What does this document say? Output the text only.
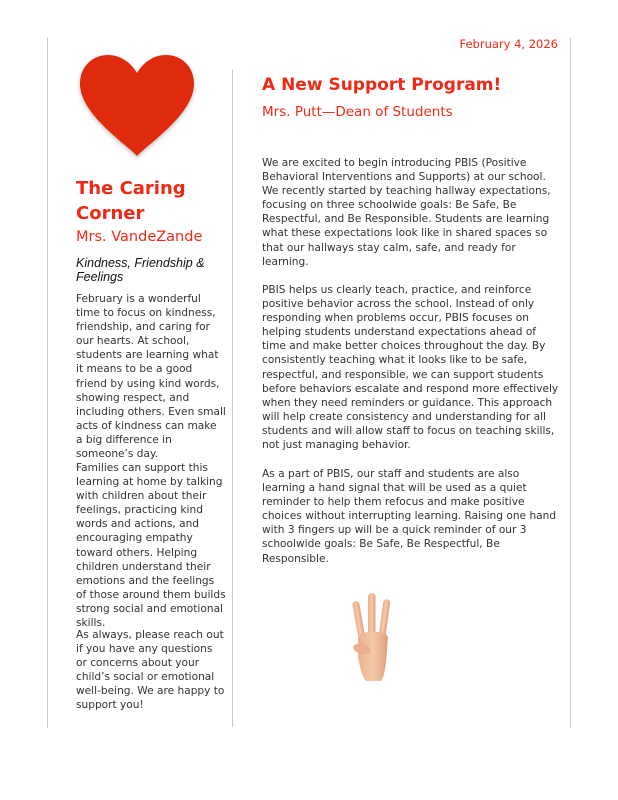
February 4, 2026
The Caring Corner
Mrs. VandeZande
Kindness, Friendship & Feelings

February is a wonderful time to focus on kindness, friendship, and caring for our hearts. At school, students are learning what it means to be a good friend by using kind words, showing respect, and including others. Even small acts of kindness can make a big difference in someone’s day.

Families can support this learning at home by talking with children about their feelings, practicing kind words and actions, and encouraging empathy toward others. Helping children understand their emotions and the feelings of those around them builds strong social and emotional skills.

As always, please reach out if you have any questions or concerns about your child’s social or emotional well-being. We are happy to support you!

A New Support Program!
Mrs. Putt—Dean of Students

We are excited to begin introducing PBIS (Positive Behavioral Interventions and Supports) at our school. We recently started by teaching hallway expectations, focusing on three schoolwide goals: Be Safe, Be Respectful, and Be Responsible. Students are learning what these expectations look like in shared spaces so that our hallways stay calm, safe, and ready for learning.

PBIS helps us clearly teach, practice, and reinforce positive behavior across the school. Instead of only responding when problems occur, PBIS focuses on helping students understand expectations ahead of time and make better choices throughout the day. By consistently teaching what it looks like to be safe, respectful, and responsible, we can support students before behaviors escalate and respond more effectively when they need reminders or guidance. This approach will help create consistency and understanding for all students and will allow staff to focus on teaching skills, not just managing behavior.

As a part of PBIS, our staff and students are also learning a hand signal that will be used as a quiet reminder to help them refocus and make positive choices without interrupting learning. Raising one hand with 3 fingers up will be a quick reminder of our 3 schoolwide goals: Be Safe, Be Respectful, Be Responsible.
